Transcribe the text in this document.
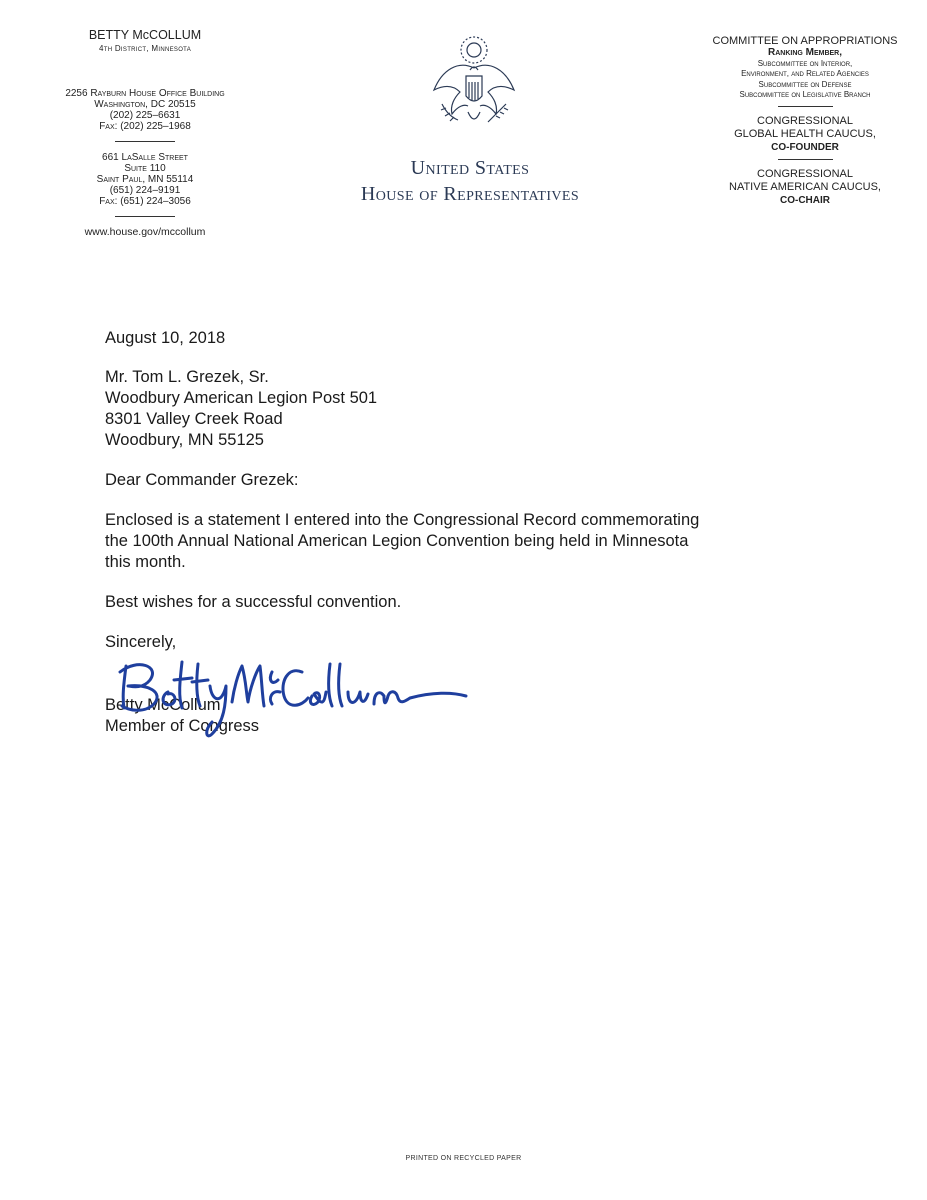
BETTY McCOLLUM
4th District, Minnesota
2256 Rayburn House Office Building
Washington, DC 20515
(202) 225–6631
Fax: (202) 225–1968
661 LaSalle Street
Suite 110
Saint Paul, MN 55114
(651) 224–9191
Fax: (651) 224–3056
www.house.gov/mccollum
United States
House of Representatives
COMMITTEE ON APPROPRIATIONS
Ranking Member,
Subcommittee on Interior,
Environment, and Related Agencies
Subcommittee on Defense
Subcommittee on Legislative Branch
CONGRESSIONAL
GLOBAL HEALTH CAUCUS,
CO-FOUNDER
CONGRESSIONAL
NATIVE AMERICAN CAUCUS,
CO-CHAIR
August 10, 2018
Mr. Tom L. Grezek, Sr.
Woodbury American Legion Post 501
8301 Valley Creek Road
Woodbury, MN 55125
Dear Commander Grezek:
Enclosed is a statement I entered into the Congressional Record commemorating
the 100th Annual National American Legion Convention being held in Minnesota
this month.
Best wishes for a successful convention.
Sincerely,
Betty McCollum
Member of Congress
PRINTED ON RECYCLED PAPER
